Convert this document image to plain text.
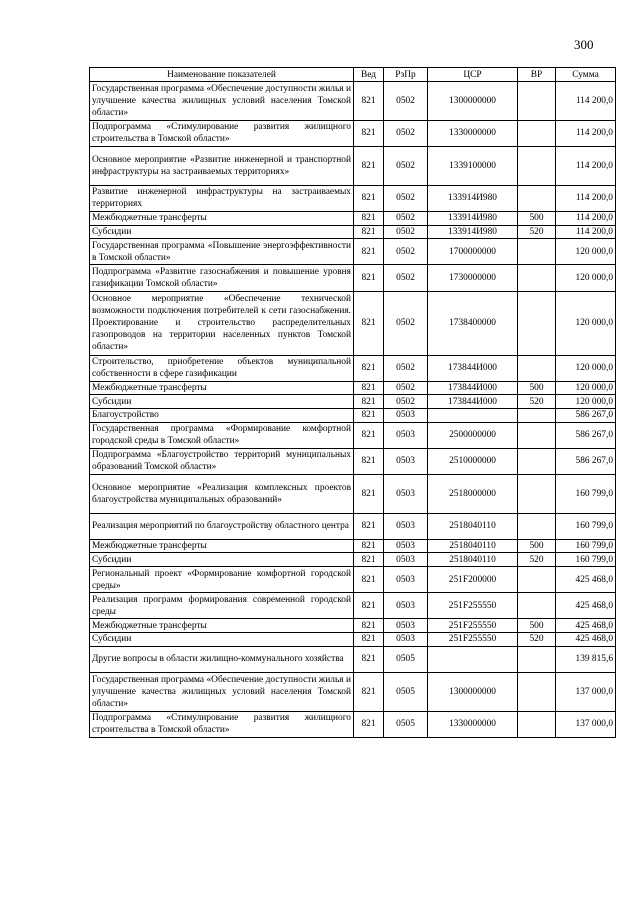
300
Наименование показателей	Вед	РзПр	ЦСР	ВР	Сумма
Государственная программа «Обеспечение доступности жилья и улучшение качества жилищных условий населения Томской области»	821	0502	1300000000		114 200,0
Подпрограмма «Стимулирование развития жилищного строительства в Томской области»	821	0502	1330000000		114 200,0
Основное мероприятие «Развитие инженерной и транспортной инфраструктуры на застраиваемых территориях»	821	0502	1339100000		114 200,0
Развитие инженерной инфраструктуры на застраиваемых территориях	821	0502	133914И980		114 200,0
Межбюджетные трансферты	821	0502	133914И980	500	114 200,0
Субсидии	821	0502	133914И980	520	114 200,0
Государственная программа «Повышение энергоэффективности в Томской области»	821	0502	1700000000		120 000,0
Подпрограмма «Развитие газоснабжения и повышение уровня газификации Томской области»	821	0502	1730000000		120 000,0
Основное мероприятие «Обеспечение технической возможности подключения потребителей к сети газоснабжения. Проектирование и строительство распределительных газопроводов на территории населенных пунктов Томской области»	821	0502	1738400000		120 000,0
Строительство, приобретение объектов муниципальной собственности в сфере газификации	821	0502	173844И000		120 000,0
Межбюджетные трансферты	821	0502	173844И000	500	120 000,0
Субсидии	821	0502	173844И000	520	120 000,0
Благоустройство	821	0503			586 267,0
Государственная программа «Формирование комфортной городской среды в Томской области»	821	0503	2500000000		586 267,0
Подпрограмма «Благоустройство территорий муниципальных образований Томской области»	821	0503	2510000000		586 267,0
Основное мероприятие «Реализация комплексных проектов благоустройства муниципальных образований»	821	0503	2518000000		160 799,0
Реализация мероприятий по благоустройству областного центра	821	0503	2518040110		160 799,0
Межбюджетные трансферты	821	0503	2518040110	500	160 799,0
Субсидии	821	0503	2518040110	520	160 799,0
Региональный проект «Формирование комфортной городской среды»	821	0503	251F200000		425 468,0
Реализация программ формирования современной городской среды	821	0503	251F255550		425 468,0
Межбюджетные трансферты	821	0503	251F255550	500	425 468,0
Субсидии	821	0503	251F255550	520	425 468,0
Другие вопросы в области жилищно-коммунального хозяйства	821	0505			139 815,6
Государственная программа «Обеспечение доступности жилья и улучшение качества жилищных условий населения Томской области»	821	0505	1300000000		137 000,0
Подпрограмма «Стимулирование развития жилищного строительства в Томской области»	821	0505	1330000000		137 000,0
